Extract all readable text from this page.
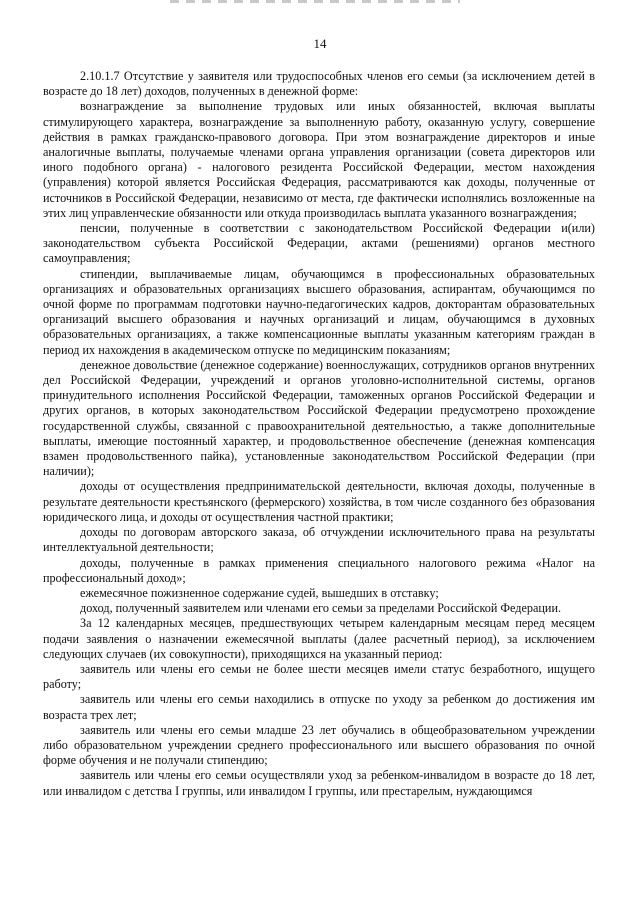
14

2.10.1.7 Отсутствие у заявителя или трудоспособных членов его семьи (за исключением детей в возрасте до 18 лет) доходов, полученных в денежной форме:

вознаграждение за выполнение трудовых или иных обязанностей, включая выплаты стимулирующего характера, вознаграждение за выполненную работу, оказанную услугу, совершение действия в рамках гражданско-правового договора. При этом вознаграждение директоров и иные аналогичные выплаты, получаемые членами органа управления организации (совета директоров или иного подобного органа) - налогового резидента Российской Федерации, местом нахождения (управления) которой является Российская Федерация, рассматриваются как доходы, полученные от источников в Российской Федерации, независимо от места, где фактически исполнялись возложенные на этих лиц управленческие обязанности или откуда производилась выплата указанного вознаграждения;

пенсии, полученные в соответствии с законодательством Российской Федерации и(или) законодательством субъекта Российской Федерации, актами (решениями) органов местного самоуправления;

стипендии, выплачиваемые лицам, обучающимся в профессиональных образовательных организациях и образовательных организациях высшего образования, аспирантам, обучающимся по очной форме по программам подготовки научно-педагогических кадров, докторантам образовательных организаций высшего образования и научных организаций и лицам, обучающимся в духовных образовательных организациях, а также компенсационные выплаты указанным категориям граждан в период их нахождения в академическом отпуске по медицинским показаниям;

денежное довольствие (денежное содержание) военнослужащих, сотрудников органов внутренних дел Российской Федерации, учреждений и органов уголовно-исполнительной системы, органов принудительного исполнения Российской Федерации, таможенных органов Российской Федерации и других органов, в которых законодательством Российской Федерации предусмотрено прохождение государственной службы, связанной с правоохранительной деятельностью, а также дополнительные выплаты, имеющие постоянный характер, и продовольственное обеспечение (денежная компенсация взамен продовольственного пайка), установленные законодательством Российской Федерации (при наличии);

доходы от осуществления предпринимательской деятельности, включая доходы, полученные в результате деятельности крестьянского (фермерского) хозяйства, в том числе созданного без образования юридического лица, и доходы от осуществления частной практики;

доходы по договорам авторского заказа, об отчуждении исключительного права на результаты интеллектуальной деятельности;

доходы, полученные в рамках применения специального налогового режима «Налог на профессиональный доход»;

ежемесячное пожизненное содержание судей, вышедших в отставку;

доход, полученный заявителем или членами его семьи за пределами Российской Федерации.

За 12 календарных месяцев, предшествующих четырем календарным месяцам перед месяцем подачи заявления о назначении ежемесячной выплаты (далее расчетный период), за исключением следующих случаев (их совокупности), приходящихся на указанный период:

заявитель или члены его семьи не более шести месяцев имели статус безработного, ищущего работу;

заявитель или члены его семьи находились в отпуске по уходу за ребенком до достижения им возраста трех лет;

заявитель или члены его семьи младше 23 лет обучались в общеобразовательном учреждении либо образовательном учреждении среднего профессионального или высшего образования по очной форме обучения и не получали стипендию;

заявитель или члены его семьи осуществляли уход за ребенком-инвалидом в возрасте до 18 лет, или инвалидом с детства I группы, или инвалидом I группы, или престарелым, нуждающимся
